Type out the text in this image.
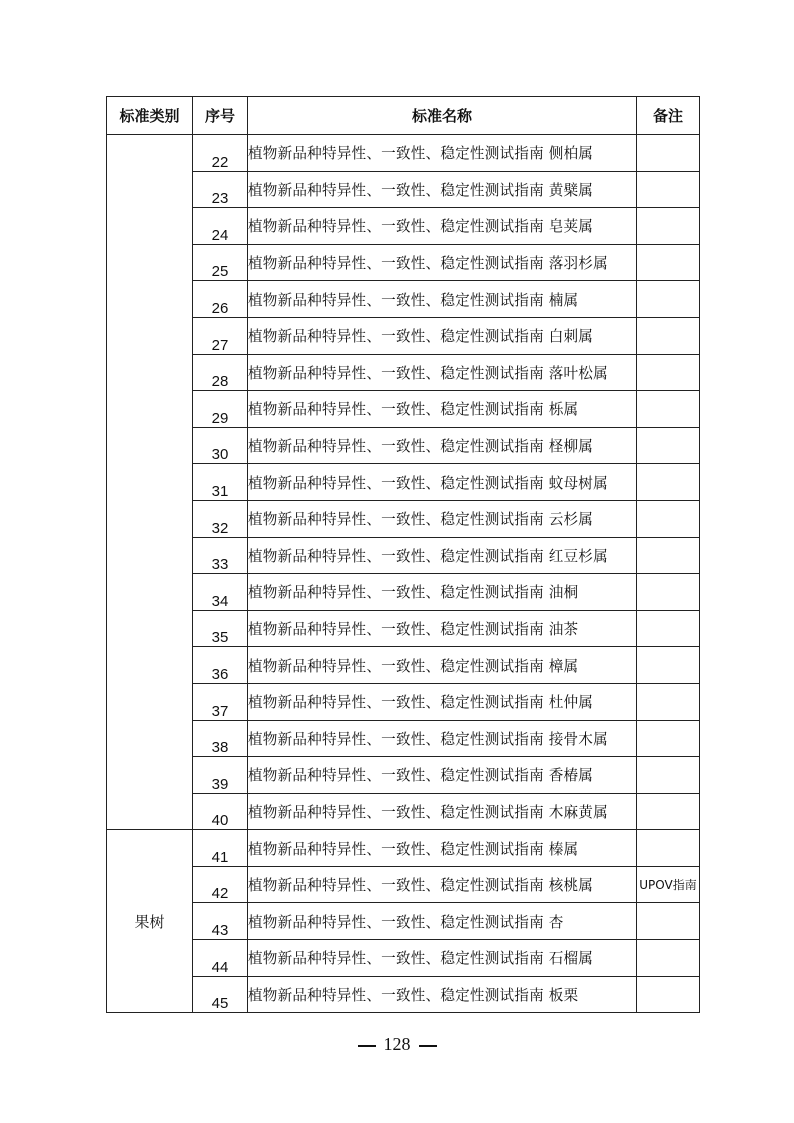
标准类别	序号	标准名称	备注
	22	植物新品种特异性、一致性、稳定性测试指南 侧柏属	
	23	植物新品种特异性、一致性、稳定性测试指南 黄檗属	
	24	植物新品种特异性、一致性、稳定性测试指南 皂荚属	
	25	植物新品种特异性、一致性、稳定性测试指南 落羽杉属	
	26	植物新品种特异性、一致性、稳定性测试指南 楠属	
	27	植物新品种特异性、一致性、稳定性测试指南 白刺属	
	28	植物新品种特异性、一致性、稳定性测试指南 落叶松属	
	29	植物新品种特异性、一致性、稳定性测试指南 栎属	
	30	植物新品种特异性、一致性、稳定性测试指南 柽柳属	
	31	植物新品种特异性、一致性、稳定性测试指南 蚊母树属	
	32	植物新品种特异性、一致性、稳定性测试指南 云杉属	
	33	植物新品种特异性、一致性、稳定性测试指南 红豆杉属	
	34	植物新品种特异性、一致性、稳定性测试指南 油桐	
	35	植物新品种特异性、一致性、稳定性测试指南 油茶	
	36	植物新品种特异性、一致性、稳定性测试指南 樟属	
	37	植物新品种特异性、一致性、稳定性测试指南 杜仲属	
	38	植物新品种特异性、一致性、稳定性测试指南 接骨木属	
	39	植物新品种特异性、一致性、稳定性测试指南 香椿属	
	40	植物新品种特异性、一致性、稳定性测试指南 木麻黄属	
果树	41	植物新品种特异性、一致性、稳定性测试指南 榛属	
	42	植物新品种特异性、一致性、稳定性测试指南 核桃属	UPOV指南
	43	植物新品种特异性、一致性、稳定性测试指南 杏	
	44	植物新品种特异性、一致性、稳定性测试指南 石榴属	
	45	植物新品种特异性、一致性、稳定性测试指南 板栗	
128
